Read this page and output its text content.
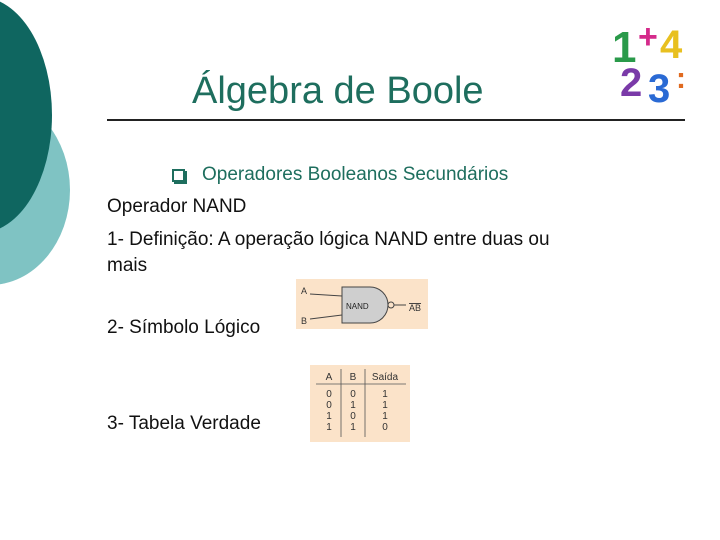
Álgebra de Boole
1 + 4
2 3 :
Operadores Booleanos Secundários
Operador NAND
1- Definição: A operação lógica NAND entre duas ou
mais
2- Símbolo Lógico
3- Tabela Verdade
A
B
NAND	AB
A B Saída
0 0	1
0 1	1
1 0	1
1 1	0
